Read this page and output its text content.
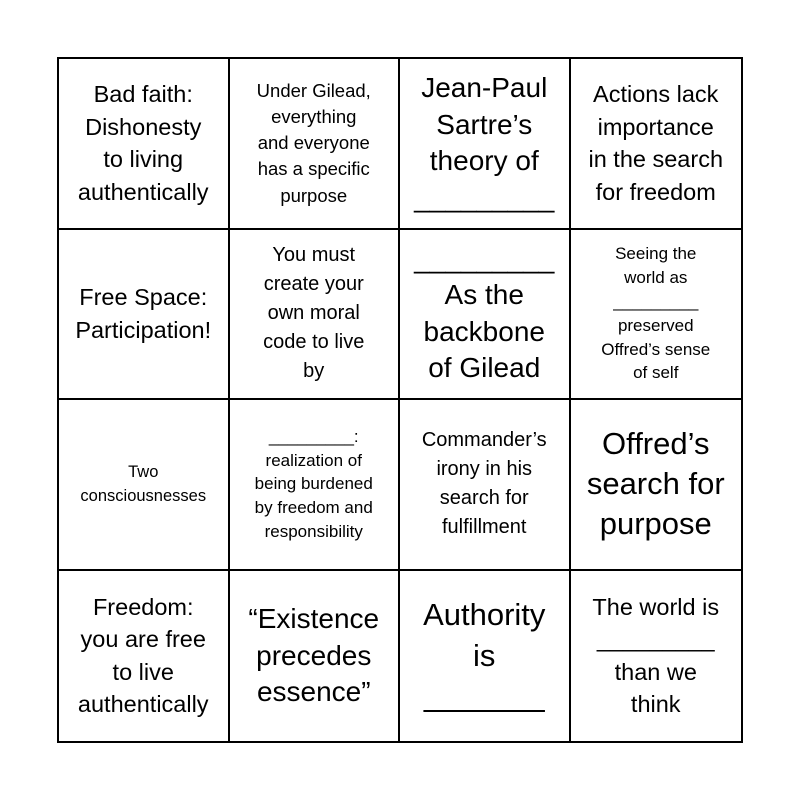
Bad faith:
Dishonesty
to living
authentically
Under Gilead,
everything
and everyone
has a specific
purpose
Jean-Paul
Sartre’s
theory of
_________
Actions lack
importance
in the search
for freedom
Free Space:
Participation!
You must
create your
own moral
code to live
by
_________
As the
backbone
of Gilead
Seeing the
world as
_________
preserved
Offred’s sense
of self
Two
consciousnesses
_________:
realization of
being burdened
by freedom and
responsibility
Commander’s
irony in his
search for
fulfillment
Offred’s
search for
purpose
Freedom:
you are free
to live
authentically
“Existence
precedes
essence”
Authority
is
_______
The world is
_________
than we
think
